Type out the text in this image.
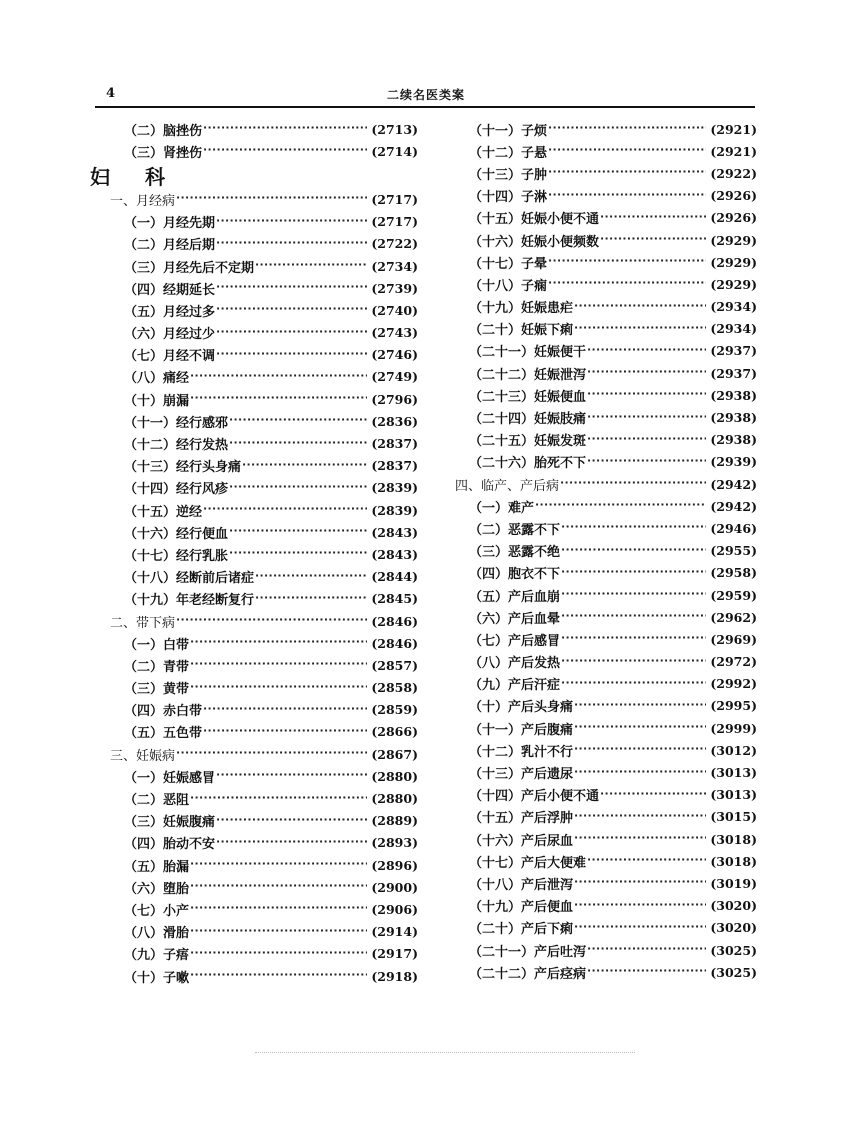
4	二续名医类案
（二） 脑挫伤 ·····	(2713)
（三） 肾挫伤 ·····	(2714)
妇 科
一、 月经病 ·····	(2717)
（一） 月经先期 ·····	(2717)
（二） 月经后期 ·····	(2722)
（三） 月经先后不定期 ·····	(2734)
（四） 经期延长 ·····	(2739)
（五） 月经过多 ·····	(2740)
（六） 月经过少 ·····	(2743)
（七） 月经不调 ·····	(2746)
（八） 痛经 ·····	(2749)
（十） 崩漏 ·····	(2796)
（十一） 经行感邪 ·····	(2836)
（十二） 经行发热 ·····	(2837)
（十三） 经行头身痛 ·····	(2837)
（十四） 经行风疹 ·····	(2839)
（十五） 逆经 ·····	(2839)
（十六） 经行便血 ·····	(2843)
（十七） 经行乳胀 ·····	(2843)
（十八） 经断前后诸症 ·····	(2844)
（十九） 年老经断复行 ·····	(2845)
二、 带下病 ·····	(2846)
（一） 白带 ·····	(2846)
（二） 青带 ·····	(2857)
（三） 黄带 ·····	(2858)
（四） 赤白带 ·····	(2859)
（五） 五色带 ·····	(2866)
三、 妊娠病 ·····	(2867)
（一） 妊娠感冒 ·····	(2880)
（二） 恶阻 ·····	(2880)
（三） 妊娠腹痛 ·····	(2889)
（四） 胎动不安 ·····	(2893)
（五） 胎漏 ·····	(2896)
（六） 堕胎 ·····	(2900)
（七） 小产 ·····	(2906)
（八） 滑胎 ·····	(2914)
（九） 子痦 ·····	(2917)
（十） 子嗽 ·····	(2918)
（十一） 子烦 ·····	(2921)
（十二） 子悬 ·····	(2921)
（十三） 子肿 ·····	(2922)
（十四） 子淋 ·····	(2926)
（十五） 妊娠小便不通 ·····	(2926)
（十六） 妊娠小便频数 ·····	(2929)
（十七） 子晕 ·····	(2929)
（十八） 子痫 ·····	(2929)
（十九） 妊娠患疟 ·····	(2934)
（二十） 妊娠下痢 ·····	(2934)
（二十一） 妊娠便干 ·····	(2937)
（二十二） 妊娠泄泻 ·····	(2937)
（二十三） 妊娠便血 ·····	(2938)
（二十四） 妊娠肢痛 ·····	(2938)
（二十五） 妊娠发斑 ·····	(2938)
（二十六） 胎死不下 ·····	(2939)
四、 临产、产后病 ·····	(2942)
（一） 难产 ·····	(2942)
（二） 恶露不下 ·····	(2946)
（三） 恶露不绝 ·····	(2955)
（四） 胞衣不下 ·····	(2958)
（五） 产后血崩 ·····	(2959)
（六） 产后血晕 ·····	(2962)
（七） 产后感冒 ·····	(2969)
（八） 产后发热 ·····	(2972)
（九） 产后汗症 ·····	(2992)
（十） 产后头身痛 ·····	(2995)
（十一） 产后腹痛 ·····	(2999)
（十二） 乳汁不行 ·····	(3012)
（十三） 产后遗尿 ·····	(3013)
（十四） 产后小便不通 ·····	(3013)
（十五） 产后浮肿 ·····	(3015)
（十六） 产后尿血 ·····	(3018)
（十七） 产后大便难 ·····	(3018)
（十八） 产后泄泻 ·····	(3019)
（十九） 产后便血 ·····	(3020)
（二十） 产后下痢 ·····	(3020)
（二十一） 产后吐泻 ·····	(3025)
（二十二） 产后痉病 ·····	(3025)
